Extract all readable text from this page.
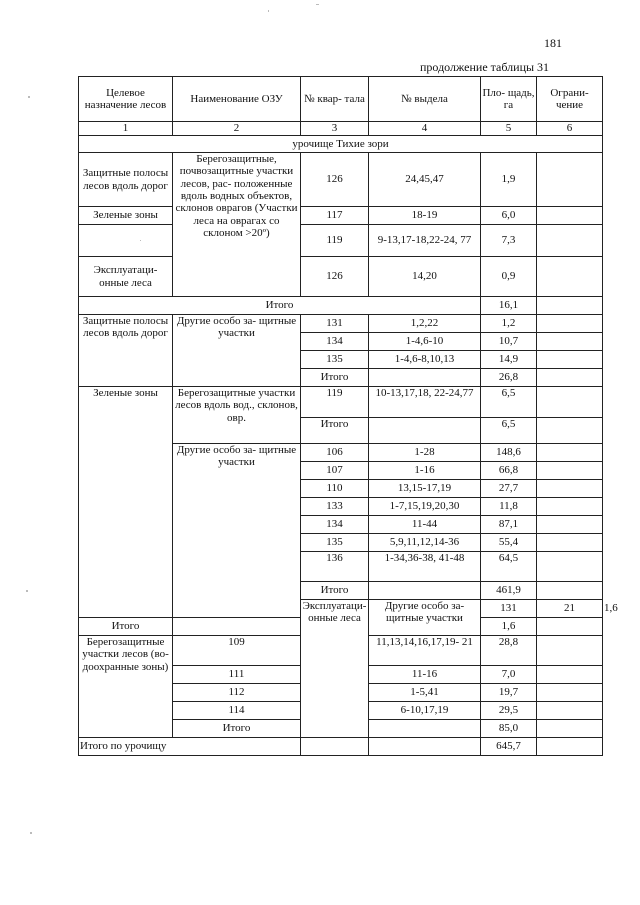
181
продолжение таблицы 31
Целевое назначение лесов	Наименование ОЗУ	№ квар- тала	№ выдела	Пло- щадь, га	Ограни- чение	
1	2	3	4	5	6	
урочище Тихие зори						
Защитные полосы лесов вдоль дорог	Берегозащитные, почвозащитные участки лесов, рас- положенные вдоль водных объектов, склонов оврагов (Участки леса на оврагах со склоном >20º)	126	24,45,47	1,9		
Зеленые зоны		117	18-19	6,0		
		119	9-13,17-18,22-24, 77	7,3		
Эксплуатаци- онные леса		126	14,20	0,9		

Итого				16,1		
Защитные полосы лесов вдоль дорог	Другие особо за- щитные участки	131	1,2,22	1,2		
		134	1-4,6-10	10,7		
		135	1-4,6-8,10,13	14,9		
		Итого		26,8		
Зеленые зоны	Берегозащитные участки лесов вдоль вод., склонов, овр.	119	10-13,17,18, 22-24,77	6,5		
		Итого		6,5		
	Другие особо за- щитные участки	106	1-28	148,6		
		107	1-16	66,8		
		110	13,15-17,19	27,7		
		133	1-7,15,19,20,30	11,8		
		134	11-44	87,1		
		135	5,9,11,12,14-36	55,4		
		136	1-34,36-38, 41-48	64,5		
		Итого		461,9		
		Эксплуатаци- онные леса	Другие особо за- щитные участки	131	21	1,6	
Итого				1,6		
Берегозащитные участки лесов (во- доохранные зоны)	109		11,13,14,16,17,19- 21	28,8		
	111		11-16	7,0		
	112		1-5,41	19,7		
	114		6-10,17,19	29,5		
	Итого			85,0		
Итого по урочищу				645,7		
